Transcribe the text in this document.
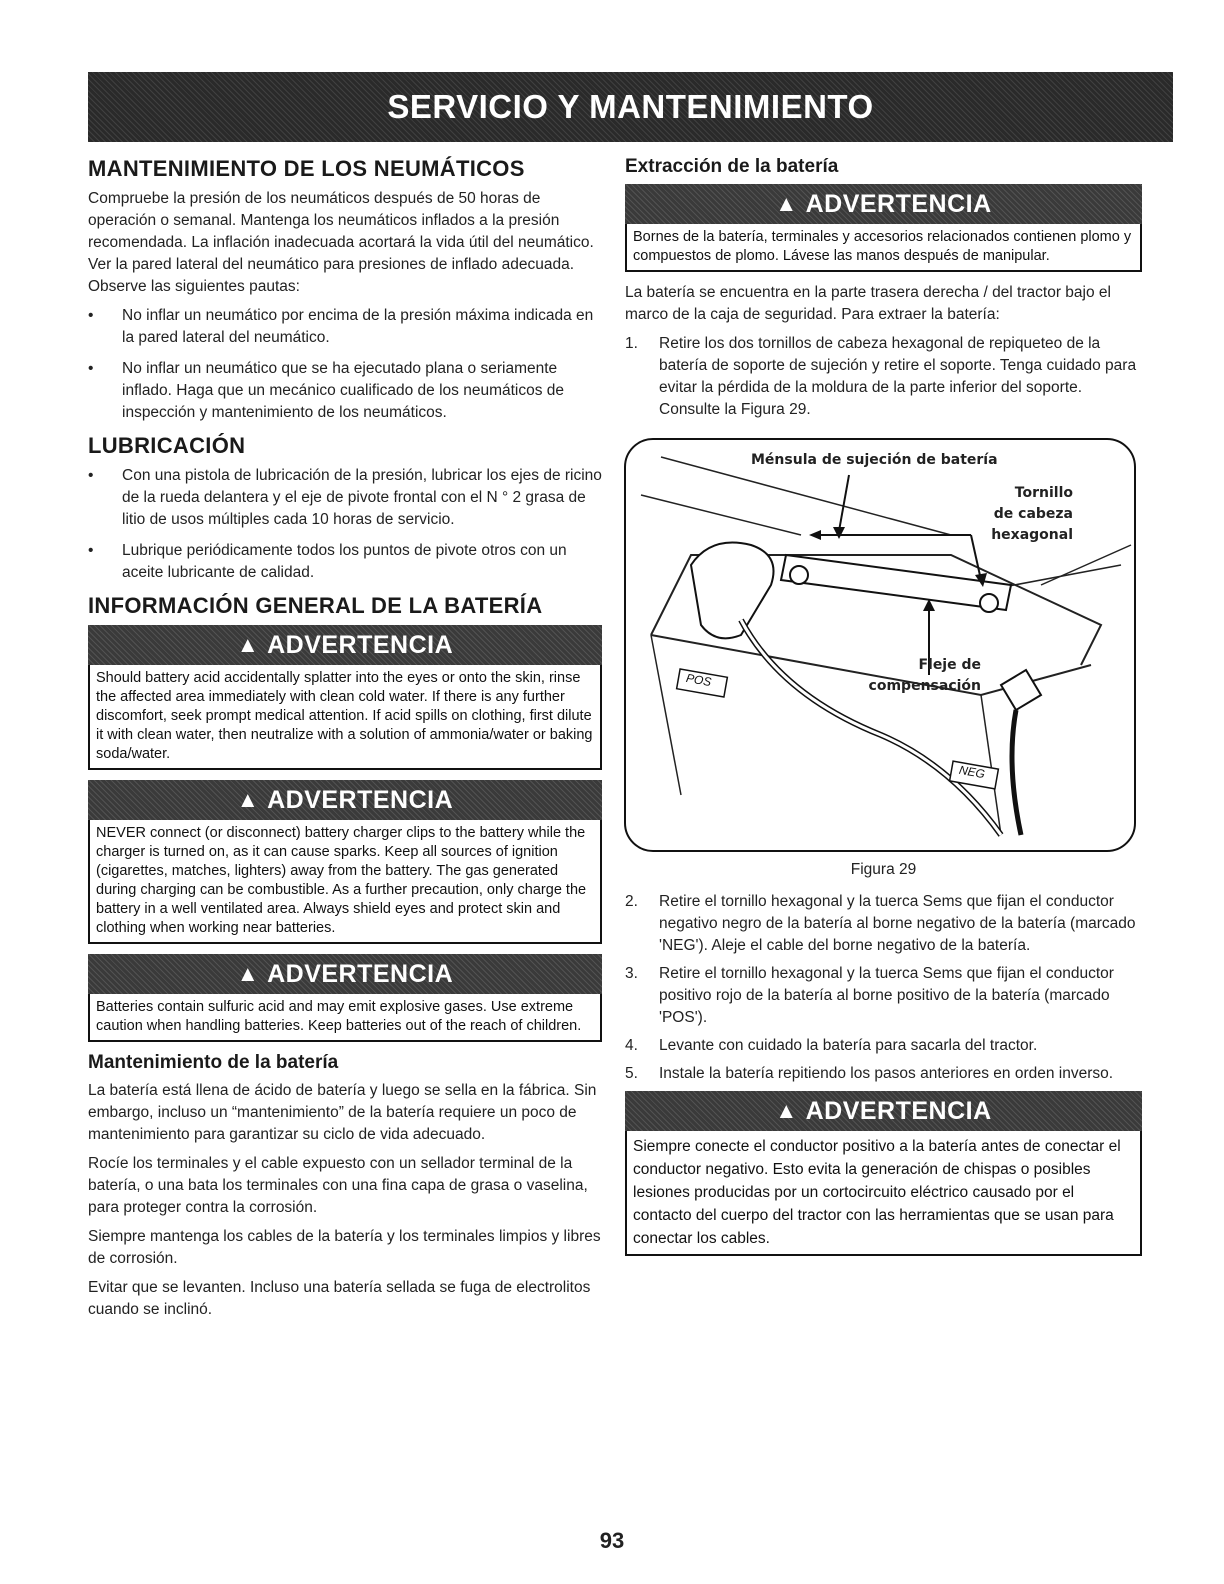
SERVICIO Y MANTENIMIENTO
MANTENIMIENTO DE LOS NEUMÁTICOS

Compruebe la presión de los neumáticos después de 50 horas de operación o semanal. Mantenga los neumáticos inflados a la presión recomendada. La inflación inadecuada acortará la vida útil del neumático. Ver la pared lateral del neumático para presiones de inflado adecuada. Observe las siguientes pautas:

• No inflar un neumático por encima de la presión máxima indicada en la pared lateral del neumático.
• No inflar un neumático que se ha ejecutado plana o seriamente inflado. Haga que un mecánico cualificado de los neumáticos de inspección y mantenimiento de los neumáticos.
LUBRICACIÓN
• Con una pistola de lubricación de la presión, lubricar los ejes de ricino de la rueda delantera y el eje de pivote frontal con el N ° 2 grasa de litio de usos múltiples cada 10 horas de servicio.
• Lubrique periódicamente todos los puntos de pivote otros con un aceite lubricante de calidad.
INFORMACIÓN GENERAL DE LA BATERÍA
▲ ADVERTENCIA
Should battery acid accidentally splatter into the eyes or onto the skin, rinse the affected area immediately with clean cold water. If there is any further discomfort, seek prompt medical attention. If acid spills on clothing, first dilute it with clean water, then neutralize with a solution of ammonia/water or baking soda/water.
▲ ADVERTENCIA
NEVER connect (or disconnect) battery charger clips to the battery while the charger is turned on, as it can cause sparks. Keep all sources of ignition (cigarettes, matches, lighters) away from the battery. The gas generated during charging can be combustible. As a further precaution, only charge the battery in a well ventilated area. Always shield eyes and protect skin and clothing when working near batteries.
▲ ADVERTENCIA
Batteries contain sulfuric acid and may emit explosive gases. Use extreme caution when handling batteries. Keep batteries out of the reach of children.
Mantenimiento de la batería

La batería está llena de ácido de batería y luego se sella en la fábrica. Sin embargo, incluso un “mantenimiento” de la batería requiere un poco de mantenimiento para garantizar su ciclo de vida adecuado.

Rocíe los terminales y el cable expuesto con un sellador terminal de la batería, o una bata los terminales con una fina capa de grasa o vaselina, para proteger contra la corrosión.

Siempre mantenga los cables de la batería y los terminales limpios y libres de corrosión.

Evitar que se levanten. Incluso una batería sellada se fuga de electrolitos cuando se inclinó.

Extracción de la batería
▲ ADVERTENCIA
Bornes de la batería, terminales y accesorios relacionados contienen plomo y compuestos de plomo. Lávese las manos después de manipular.

La batería se encuentra en la parte trasera derecha / del tractor bajo el marco de la caja de seguridad. Para extraer la batería:

1. Retire los dos tornillos de cabeza hexagonal de repiqueteo de la batería de soporte de sujeción y retire el soporte. Tenga cuidado para evitar la pérdida de la moldura de la parte inferior del soporte. Consulte la Figura 29.
Ménsula de sujeción de batería
Tornillo
de cabeza
hexagonal
Fleje de
compensación
POS
NEG
Figura 29
2. Retire el tornillo hexagonal y la tuerca Sems que fijan el conductor negativo negro de la batería al borne negativo de la batería (marcado 'NEG'). Aleje el cable del borne negativo de la batería.
3. Retire el tornillo hexagonal y la tuerca Sems que fijan el conductor positivo rojo de la batería al borne positivo de la batería (marcado 'POS').
4. Levante con cuidado la batería para sacarla del tractor.
5. Instale la batería repitiendo los pasos anteriores en orden inverso.
▲ ADVERTENCIA
Siempre conecte el conductor positivo a la batería antes de conectar el conductor negativo. Esto evita la generación de chispas o posibles lesiones producidas por un cortocircuito eléctrico causado por el contacto del cuerpo del tractor con las herramientas que se usan para conectar los cables.
93
